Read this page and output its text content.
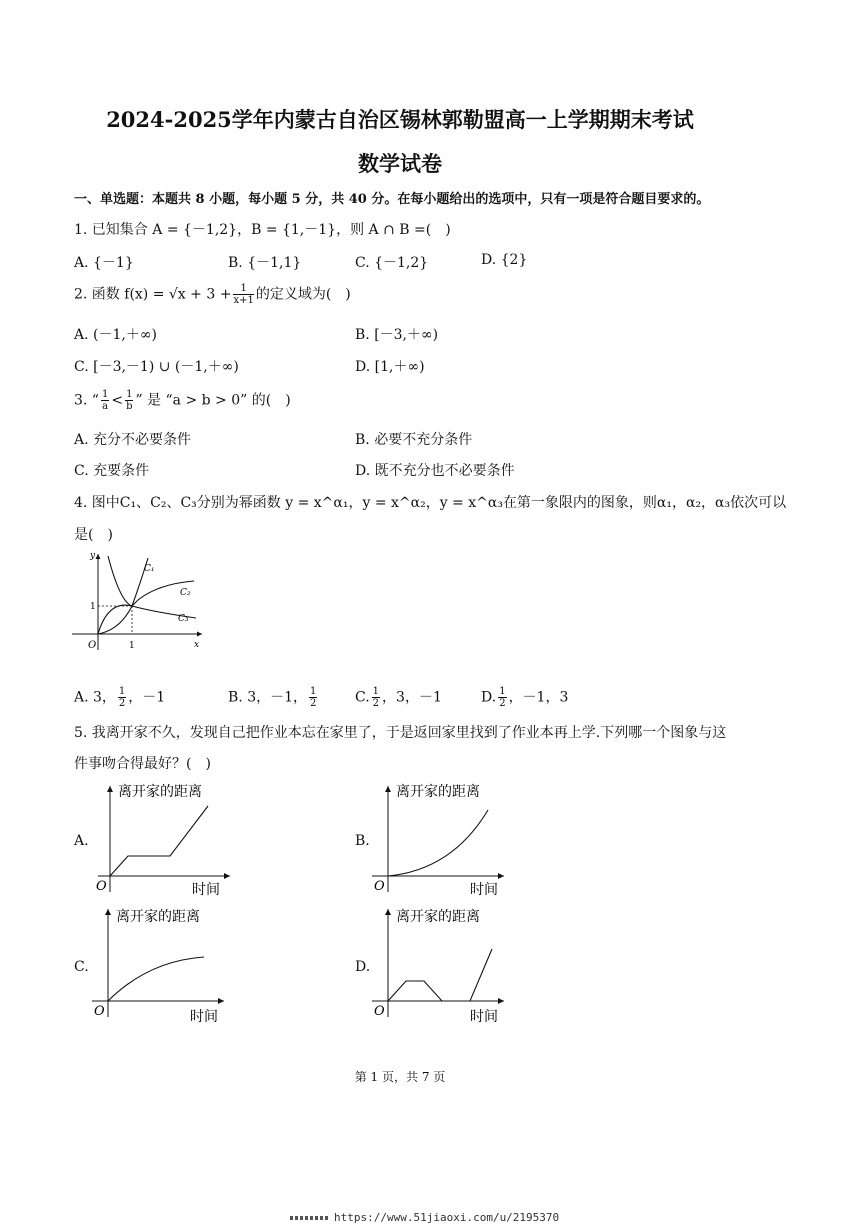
2024-2025学年内蒙古自治区锡林郭勒盟高一上学期期末考试
数学试卷
一、单选题：本题共 8 小题，每小题 5 分，共 40 分。在每小题给出的选项中，只有一项是符合题目要求的。
1. 已知集合 A = {－1,2}，B = {1,－1}，则 A ∩ B =(　)
A. {－1}	B. {－1,1}	C. {－1,2}	D. {2}
2. 函数 $f(x) = √x + 3 + \frac{1}{x+1}$ 的定义域为(　)
A. (－1,＋∞)	B. [－3,＋∞)
C. [－3,－1) ∪ (－1,＋∞)	D. [1,＋∞)
3. “ $\frac{1}{a} < \frac{1}{b}$ ” 是 “a > b > 0” 的(　)
A. 充分不必要条件	B. 必要不充分条件
C. 充要条件	D. 既不充分也不必要条件
4. 图中C₁、C₂、C₃分别为幂函数 y = x^α₁，y = x^α₂，y = x^α₃在第一象限内的图象，则α₁，α₂，α₃依次可以
是(　)
y
x
O	1
1
C₁
C₂
C₃
A. 3， $\frac{1}{2}$ ，－1	B. 3，－1， $\frac{1}{2}$	C. $\frac{1}{2}$ ，3，－1	D. $\frac{1}{2}$ ，－1，3
5. 我离开家不久，发现自己把作业本忘在家里了，于是返回家里找到了作业本再上学.下列哪一个图象与这
件事吻合得最好？(　)
A.
离开家的距离
时间
O
B.
离开家的距离
时间
O
C.
离开家的距离
时间
O
D.
离开家的距离
时间
O
第 1 页，共 7 页
https://www.51jiaoxi.com/u/2195370
